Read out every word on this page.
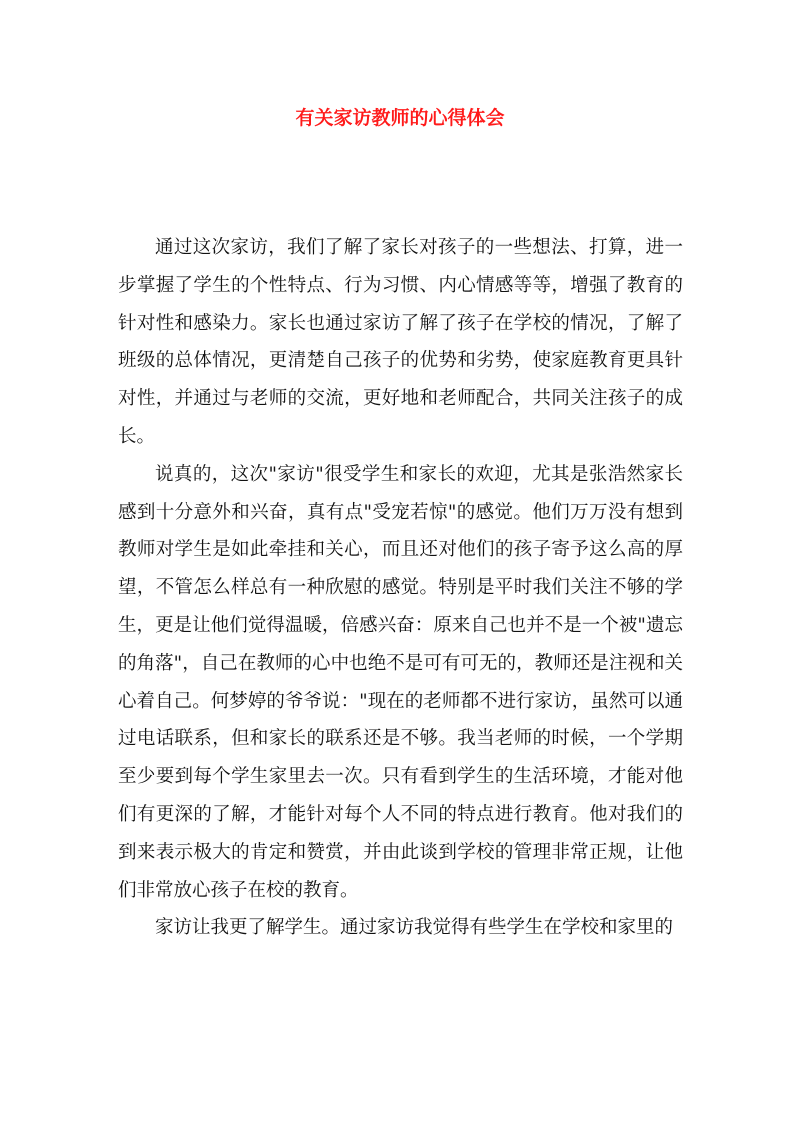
有关家访教师的心得体会

通过这次家访，我们了解了家长对孩子的一些想法、打算，进一步掌握了学生的个性特点、行为习惯、内心情感等等，增强了教育的针对性和感染力。家长也通过家访了解了孩子在学校的情况，了解了班级的总体情况，更清楚自己孩子的优势和劣势，使家庭教育更具针对性，并通过与老师的交流，更好地和老师配合，共同关注孩子的成长。

说真的，这次"家访"很受学生和家长的欢迎，尤其是张浩然家长感到十分意外和兴奋，真有点"受宠若惊"的感觉。他们万万没有想到教师对学生是如此牵挂和关心，而且还对他们的孩子寄予这么高的厚望，不管怎么样总有一种欣慰的感觉。特别是平时我们关注不够的学生，更是让他们觉得温暖，倍感兴奋：原来自己也并不是一个被"遗忘的角落"，自己在教师的心中也绝不是可有可无的，教师还是注视和关心着自己。何梦婷的爷爷说："现在的老师都不进行家访，虽然可以通过电话联系，但和家长的联系还是不够。我当老师的时候，一个学期至少要到每个学生家里去一次。只有看到学生的生活环境，才能对他们有更深的了解，才能针对每个人不同的特点进行教育。他对我们的到来表示极大的肯定和赞赏，并由此谈到学校的管理非常正规，让他们非常放心孩子在校的教育。

家访让我更了解学生。通过家访我觉得有些学生在学校和家里的
